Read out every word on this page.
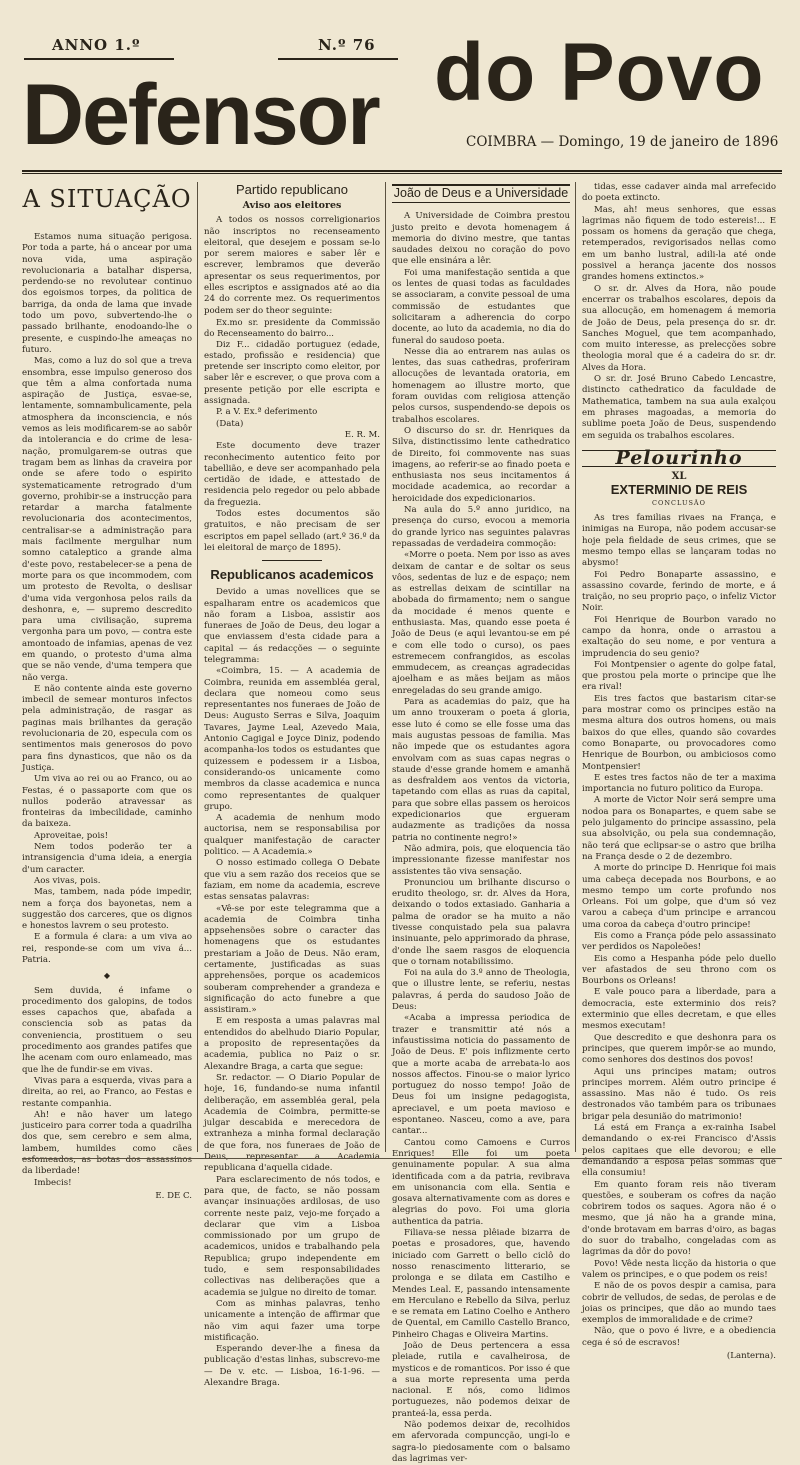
ANNO 1.º	N.º 76
Defensor do Povo
COIMBRA — Domingo, 19 de janeiro de 1896
A SITUAÇÃO

Estamos numa situação perigosa. Por toda a parte, há o ancear por uma nova vida, uma aspiração revolucionaria a batalhar dispersa, perdendo-se no revolutear continuo dos egoismos torpes, da politica de barriga, da onda de lama que invade todo um povo, subvertendo-lhe o passado brilhante, enodoando-lhe o presente, e cuspindo-lhe ameaças no futuro.

Mas, como a luz do sol que a treva ensombra, esse impulso generoso dos que têm a alma confortada numa aspiração de Justiça, esvae-se, lentamente, somnambulicamente, pela atmosphera da inconsciencia, e nós vemos as leis modificarem-se ao sabôr da intolerancia e do crime de lesa-nação, promulgarem-se outras que tragam bem as linhas da craveira por onde se afere todo o espirito systematicamente retrogrado d'um governo, prohibir-se a instrucção para retardar a marcha fatalmente revolucionaria dos acontecimentos, centralisar-se a administração para mais facilmente mergulhar num somno cataleptico a grande alma d'este povo, restabelecer-se a pena de morte para os que incommodem, com um protesto de Revolta, o deslisar d'uma vida vergonhosa pelos rails da deshonra, e, — supremo descredito para uma civilisação, suprema vergonha para um povo, — contra este amontoado de infamias, apenas de vez em quando, o protesto d'uma alma que se não vende, d'uma tempera que não verga.

E não contente ainda este governo imbecil de semear monturos infectos pela administração, de rasgar as paginas mais brilhantes da geração revolucionaria de 20, especula com os sentimentos mais generosos do povo para fins dynasticos, que não os da Justiça.

Um viva ao rei ou ao Franco, ou ao Festas, é o passaporte com que os nullos poderão atravessar as fronteiras da imbecilidade, caminho da baixeza.

Aproveitae, pois!

Nem todos poderão ter a intransigencia d'uma ideia, a energia d'um caracter.

Aos vivas, pois.

Mas, tambem, nada póde impedir, nem a força dos bayonetas, nem a suggestão dos carceres, que os dignos e honestos lavrem o seu protesto.

E a formula é clara: a um viva ao rei, responde-se com um viva á... Patria.

◆

Sem duvida, é infame o procedimento dos galopins, de todos esses capachos que, abafada a consciencia sob as patas da conveniencia, prostituem o seu procedimento aos grandes patifes que lhe acenam com ouro enlameado, mas que lhe de fundir-se em vivas.

Vivas para a esquerda, vivas para a direita, ao rei, ao Franco, ao Festas e restante companhia.

Ah! e não haver um latego justiceiro para correr toda a quadrilha dos que, sem cerebro e sem alma, lambem, humildes como cães esfomeados, as botas dos assassinos da liberdade!

Imbecis!

E. DE C.
Partido republicano
Aviso aos eleitores

A todos os nossos correligionarios não inscriptos no recenseamento eleitoral, que desejem e possam se-lo por serem maiores e saber lêr e escrever, lembramos que deverão apresentar os seus requerimentos, por elles escriptos e assignados até ao dia 24 do corrente mez. Os requerimentos podem ser do theor seguinte:

Ex.mo sr. presidente da Commissão do Recenseamento do bairro...

Diz F... cidadão portuguez (edade, estado, profissão e residencia) que pretende ser inscripto como eleitor, por saber lêr e escrever, o que prova com a presente petição por elle escripta e assignada.

P. a V. Ex.ª deferimento

(Data)

E. R. M.

Este documento deve trazer reconhecimento autentico feito por tabellião, e deve ser acompanhado pela certidão de idade, e attestado de residencia pelo regedor ou pelo abbade da freguezia.

Todos estes documentos são gratuitos, e não precisam de ser escriptos em papel sellado (art.º 36.º da lei eleitoral de março de 1895).

Republicanos academicos

Devido a umas novellices que se espalharam entre os academicos que não foram a Lisboa, assistir aos funeraes de João de Deus, deu logar a que enviassem d'esta cidade para a capital — ás redacções — o seguinte telegramma:

«Coimbra, 15. — A academia de Coimbra, reunida em assembléa geral, declara que nomeou como seus representantes nos funeraes de João de Deus: Augusto Serras e Silva, Joaquim Tavares, Jayme Leal, Azevedo Maia, Antonio Cagigal e Joyce Diniz, podendo acompanha-los todos os estudantes que quizessem e podessem ir a Lisboa, considerando-os unicamente como membros da classe academica e nunca como representantes de qualquer grupo.

A academia de nenhum modo auctorisa, nem se responsabilisa por qualquer manifestação de caracter politico. — A Academia.»

O nosso estimado collega O Debate que viu a sem razão dos receios que se faziam, em nome da academia, escreve estas sensatas palavras:

«Vê-se por este telegramma que a academia de Coimbra tinha appsehensões sobre o caracter das homenagens que os estudantes prestariam a João de Deus. Não eram, certamente, justificadas as suas apprehensões, porque os academicos souberam comprehender a grandeza e significação do acto funebre a que assistiram.»

E em resposta a umas palavras mal entendidos do abelhudo Diario Popular, a proposito de representações da academia, publica no Paiz o sr. Alexandre Braga, a carta que segue:

Sr. redactor. — O Diario Popular de hoje, 16, fundando-se numa infantil deliberação, em assembléa geral, pela Academia de Coimbra, permitte-se julgar descabida e merecedora de extranheza a minha formal declaração de que fora, nos funeraes de João de Deus, representar a Academia republicana d'aquella cidade.

Para esclarecimento de nós todos, e para que, de facto, se não possam avançar insinuações ardilosas, de uso corrente neste paiz, vejo-me forçado a declarar que vim a Lisboa commissionado por um grupo de academicos, unidos e trabalhando pela Republica; grupo independente em tudo, e sem responsabilidades collectivas nas deliberações que a academia se julgue no direito de tomar.

Com as minhas palavras, tenho unicamente a intenção de affirmar que não vim aqui fazer uma torpe mistificação.

Esperando dever-lhe a finesa da publicação d'estas linhas, subscrevo-me — De v. etc. — Lisboa, 16-1-96. — Alexandre Braga.

João de Deus e a Universidade

A Universidade de Coimbra prestou justo preito e devota homenagem á memoria do divino mestre, que tantas saudades deixou no coração do povo que elle ensinára a lêr.

Foi uma manifestação sentida a que os lentes de quasi todas as faculdades se associaram, a convite pessoal de uma commissão de estudantes que solicitaram a adherencia do corpo docente, ao luto da academia, no dia do funeral do saudoso poeta.

Nesse dia ao entrarem nas aulas os lentes, das suas cathedras, proferiram allocuções de levantada oratoria, em homenagem ao illustre morto, que foram ouvidas com religiosa attenção pelos cursos, suspendendo-se depois os trabalhos escolares.

O discurso do sr. dr. Henriques da Silva, distinctissimo lente cathedratico de Direito, foi commovente nas suas imagens, ao referir-se ao finado poeta e enthusiasta nos seus incitamentos á mocidade academica, ao recordar a heroicidade dos expedicionarios.

Na aula do 5.º anno juridico, na presença do curso, evocou a memoria do grande lyrico nas seguintes palavras repassadas de verdadeira commoção:

«Morre o poeta. Nem por isso as aves deixam de cantar e de soltar os seus vôos, sedentas de luz e de espaço; nem as estrellas deixam de scintillar na abobada do firmamento; nem o sangue da mocidade é menos quente e enthusiasta. Mas, quando esse poeta é João de Deus (e aqui levantou-se em pé e com elle todo o curso), os paes estremecem confrangidos, as escolas emmudecem, as creanças agradecidas ajoelham e as mães beijam as mãos enregeladas do seu grande amigo.

Para as academias do paiz, que ha um anno trouxeram o poeta á gloria, esse luto é como se elle fosse uma das mais augustas pessoas de familia. Mas não impede que os estudantes agora envolvam com as suas capas negras o staude d'esse grande homem e amanhã as desfraldem aos ventos da victoria, tapetando com ellas as ruas da capital, para que sobre ellas passem os heroicos expedicionarios que ergueram audazmente as tradições da nossa patria no continente negro!»

Não admira, pois, que eloquencia tão impressionante fizesse manifestar nos assistentes tão viva sensação.

Pronunciou um brilhante discurso o erudito theologo, sr. dr. Alves da Hora, deixando o todos extasiado. Ganharia a palma de orador se ha muito a não tivesse conquistado pela sua palavra insinuante, pelo apprimorado da phrase, d'onde lhe saem rasgos de eloquencia que o tornam notabilissimo.

Foi na aula do 3.º anno de Theologia, que o illustre lente, se referiu, nestas palavras, á perda do saudoso João de Deus:

«Acaba a impressa periodica de trazer e transmittir até nós a infaustissima noticia do passamento de João de Deus. E' pois inflizmente certo que a morte acaba de arrebata-lo aos nossos affectos. Finou-se o maior lyrico portuguez do nosso tempo! João de Deus foi um insigne pedagogista, apreciavel, e um poeta mavioso e espontaneo. Nasceu, como a ave, para cantar...

Cantou como Camoens e Curros Enriques! Elle foi um poeta genuinamente popular. A sua alma identificada com a da patria, revibrava em unisonancia com ella. Sentia e gosava alternativamente com as dores e alegrias do povo. Foi uma gloria authentica da patria.

Filiava-se nessa plêiade bizarra de poetas e prosadores, que, havendo iniciado com Garrett o bello ciclô do nosso renascimento litterario, se prolonga e se dilata em Castilho e Mendes Leal. E, passando intensamente em Herculano e Rebello da Silva, perluz e se remata em Latino Coelho e Anthero de Quental, em Camillo Castello Branco, Pinheiro Chagas e Oliveira Martins.

João de Deus pertencera a essa pleiade, rutila e cavalheirosa, de mysticos e de romanticos. Por isso é que a sua morte representa uma perda nacional. E nós, como lidimos portuguezes, não podemos deixar de pranteá-la, essa perda.

Não podemos deixar de, recolhidos em afervorada compuncção, ungi-lo e sagra-lo piedosamente com o balsamo das lagrimas ver-

tidas, esse cadaver ainda mal arrefecido do poeta extincto.

Mas, ah! meus senhores, que essas lagrimas não fiquem de todo estereis!... E possam os homens da geração que chega, retemperados, revigorisados nellas como em um banho lustral, adili-la até onde possivel a herança jacente dos nossos grandes homens extinctos.»

O sr. dr. Alves da Hora, não poude encerrar os trabalhos escolares, depois da sua allocução, em homenagem á memoria de João de Deus, pela presença do sr. dr. Sanches Moguel, que tem acompanhado, com muito interesse, as prelecções sobre theologia moral que é a cadeira do sr. dr. Alves da Hora.

O sr. dr. José Bruno Cabedo Lencastre, distincto cathedratico da faculdade de Mathematica, tambem na sua aula exalçou em phrases magoadas, a memoria do sublime poeta João de Deus, suspendendo em seguida os trabalhos escolares.

Pelourinho
XL
EXTERMINIO DE REIS
CONCLUSÃO

As tres familias rivaes na França, e inimigas na Europa, não podem accusar-se hoje pela fieldade de seus crimes, que se mesmo tempo ellas se lançaram todas no abysmo!

Foi Pedro Bonaparte assassino, e assassino covarde, ferindo de morte, e á traição, no seu proprio paço, o infeliz Victor Noir.

Foi Henrique de Bourbon varado no campo da honra, onde o arrastou a exaltação do seu nome, e por ventura a imprudencia do seu genio?

Foi Montpensier o agente do golpe fatal, que prostou pela morte o principe que lhe era rival!

Eis tres factos que bastarism citar-se para mostrar como os principes estão na mesma altura dos outros homens, ou mais baixos do que elles, quando são covardes como Bonaparte, ou provocadores como Henrique de Bourbon, ou ambiciosos como Montpensier!

E estes tres factos não de ter a maxima importancia no futuro politico da Europa.

A morte de Victor Noir será sempre uma nodoa para os Bonapartes, e quem sabe se pelo julgamento do principe assassino, pela sua absolvição, ou pela sua condemnação, não terá que eclipsar-se o astro que brilha na França desde o 2 de dezembro.

A morte do principe D. Henrique foi mais uma cabeça decepada nos Bourbons, e ao mesmo tempo um corte profundo nos Orleans. Foi um golpe, que d'um só vez varou a cabeça d'um principe e arrancou uma coroa da cabeça d'outro principe!

Eis como a França póde pelo assassinato ver perdidos os Napoleões!

Eis como a Hespanha póde pelo duello ver afastados de seu throno com os Bourbons os Orleans!

E vale pouco para a liberdade, para a democracia, este exterminio dos reis? exterminio que elles decretam, e que elles mesmos executam!

Que descredito e que deshonra para os principes, que querem impôr-se ao mundo, como senhores dos destinos dos povos!

Aqui uns principes matam; outros principes morrem. Além outro principe é assassino. Mas não é tudo. Os reis destronados vão também para os tribunaes brigar pela desunião do matrimonio!

Lá está em França a ex-rainha Isabel demandando o ex-rei Francisco d'Assis pelos capitaes que elle devorou; e elle demandando a esposa pelas sommas que ella consumiu!

Em quanto foram reis não tiveram questões, e souberam os cofres da nação cobrirem todos os saques. Agora não é o mesmo, que já não ha a grande mina, d'onde brotavam em barras d'oiro, as bagas do suor do trabalho, congeladas com as lagrimas da dôr do povo!

Povo! Vêde nesta licção da historia o que valem os principes, e o que podem os reis!

E não de os povos despir a camisa, para cobrir de velludos, de sedas, de perolas e de joias os principes, que dão ao mundo taes exemplos de immoralidade e de crime?

Não, que o povo é livre, e a obediencia cega é só de escravos!

(Lanterna).
